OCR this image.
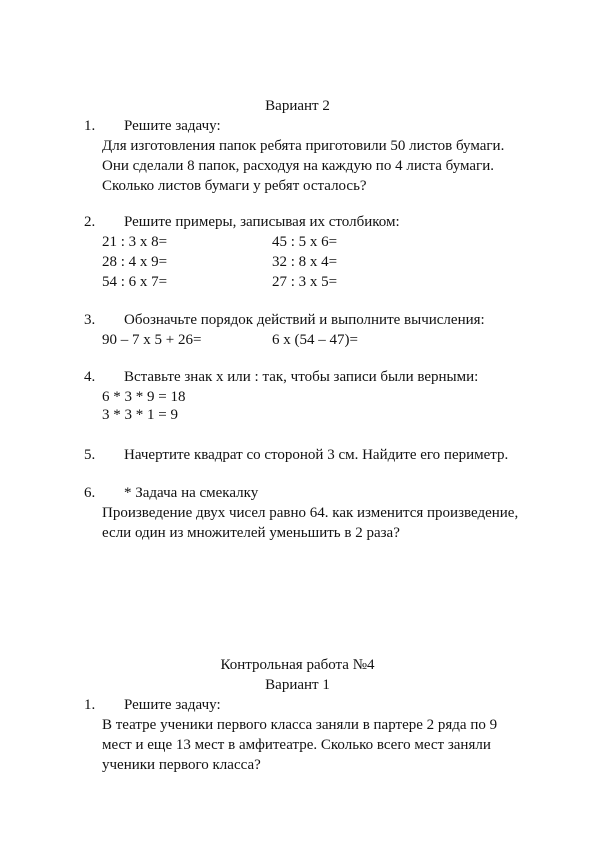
Вариант 2
1. Решите задачу:
Для изготовления папок ребята приготовили 50 листов бумаги.
Они сделали 8 папок, расходуя на каждую по 4 листа бумаги.
Сколько листов бумаги у ребят осталось?
2. Решите примеры, записывая их столбиком:
21 : 3 х 8=	45 : 5 х 6=
28 : 4 х 9=	32 : 8 х 4=
54 : 6 х 7=	27 : 3 х 5=
3. Обозначьте порядок действий и выполните вычисления:
90 – 7 х 5 + 26=	6 х (54 – 47)=
4. Вставьте знак х или : так, чтобы записи были верными:
6 * 3 * 9 = 18
3 * 3 * 1 = 9
5. Начертите квадрат со стороной 3 см. Найдите его периметр.
6. * Задача на смекалку
Произведение двух чисел равно 64. как изменится произведение,
если один из множителей уменьшить в 2 раза?
Контрольная работа №4
Вариант 1
1. Решите задачу:
В театре ученики первого класса заняли в партере 2 ряда по 9
мест и еще 13 мест в амфитеатре. Сколько всего мест заняли
ученики первого класса?
